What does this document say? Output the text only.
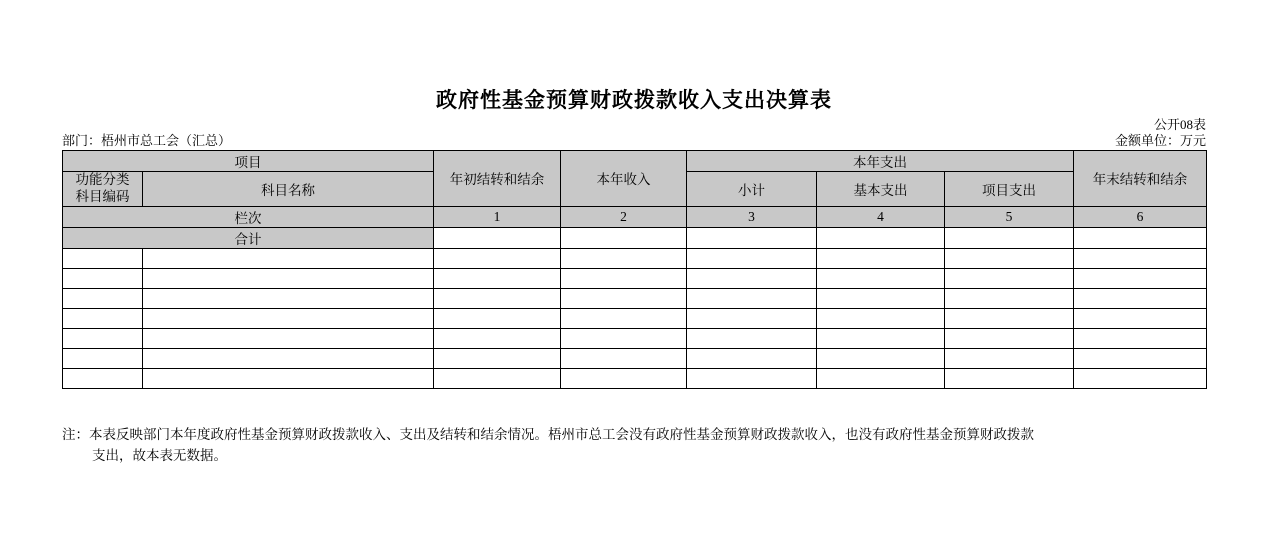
政府性基金预算财政拨款收入支出决算表
公开08表
部门：梧州市总工会（汇总）	金额单位：万元
项目		年初结转和结余	本年收入	本年支出			年末结转和结余
功能分类
科目编码	科目名称			小计	基本支出	项目支出	
栏次		1	2	3	4	5	6
合计							

注：本表反映部门本年度政府性基金预算财政拨款收入、支出及结转和结余情况。梧州市总工会没有政府性基金预算财政拨款收入，也没有政府性基金预算财政拨款
支出，故本表无数据。
